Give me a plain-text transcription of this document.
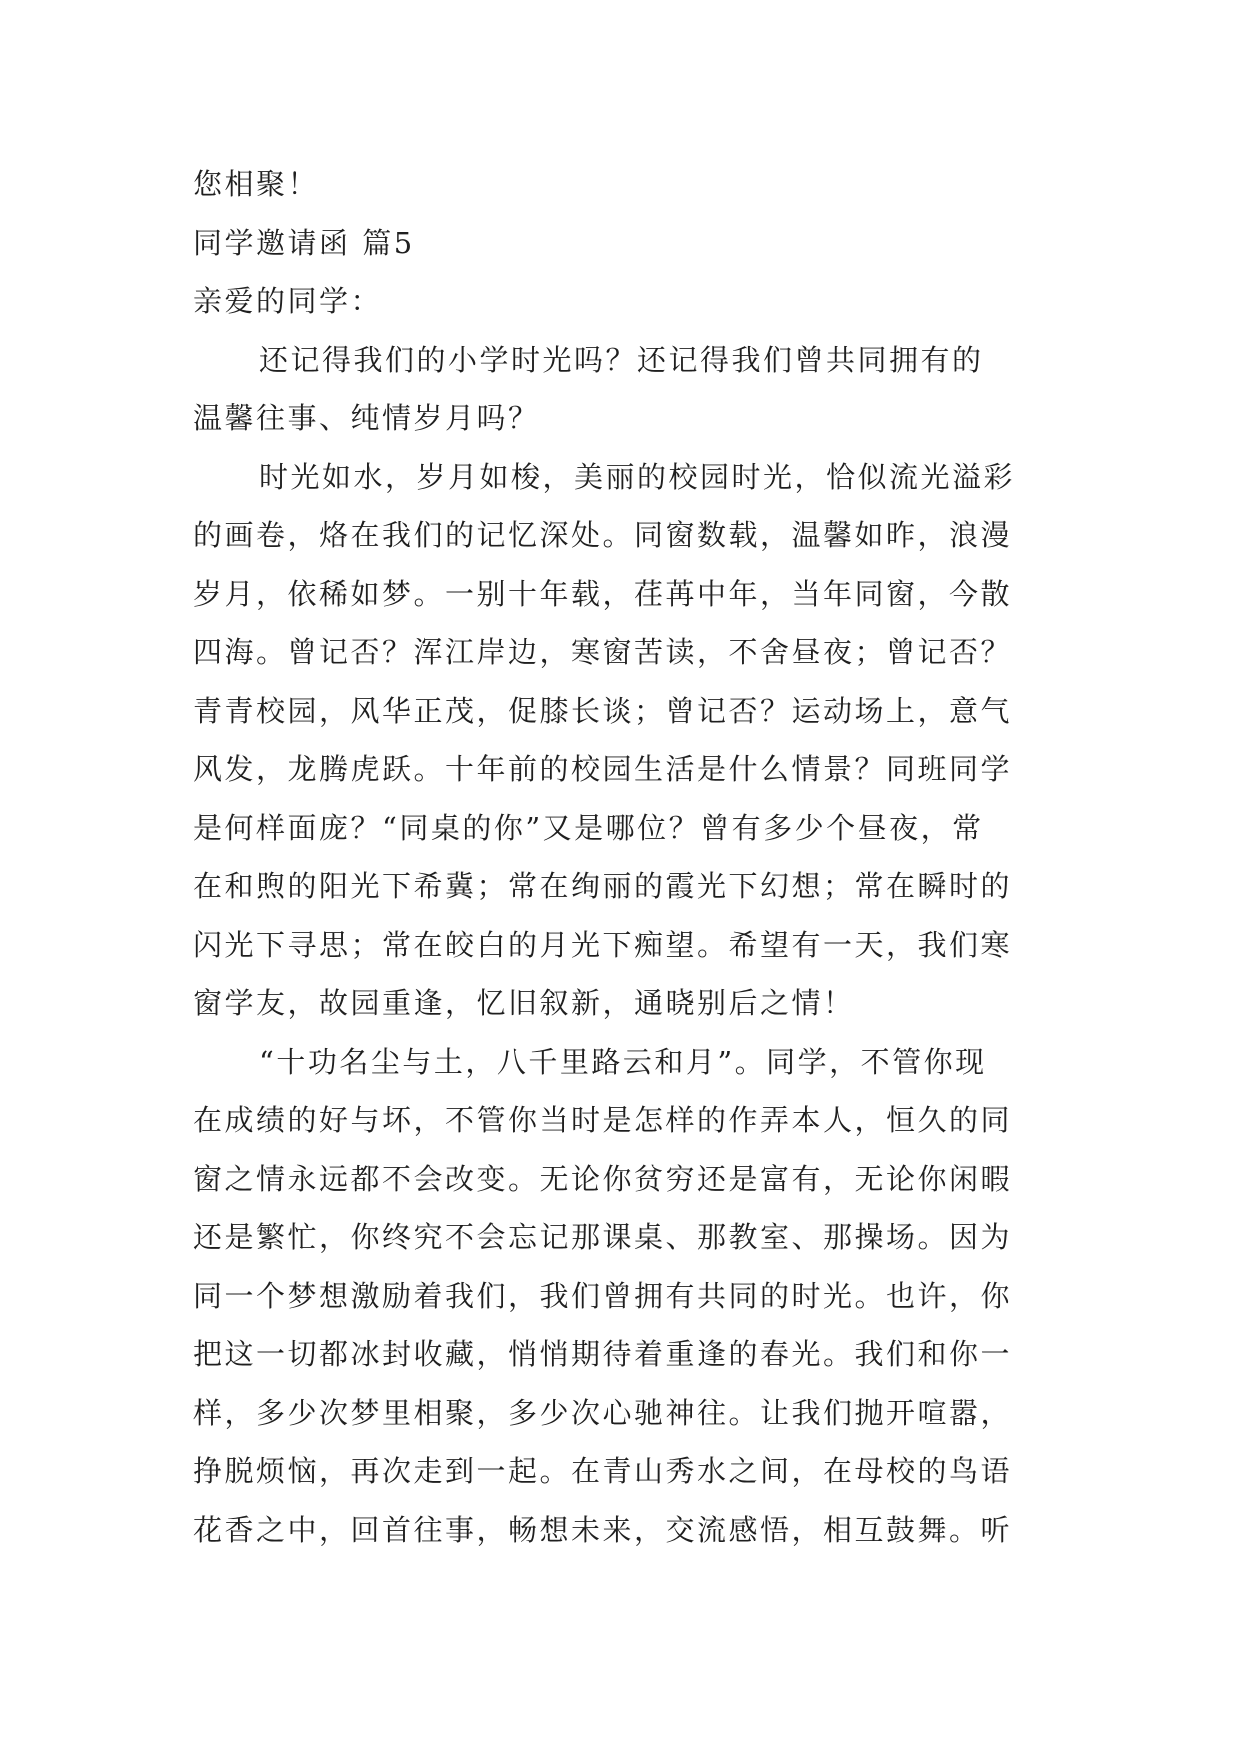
您相聚！
同学邀请函 篇5
亲爱的同学：
还记得我们的小学时光吗？还记得我们曾共同拥有的
温馨往事、纯情岁月吗？
时光如水，岁月如梭，美丽的校园时光，恰似流光溢彩
的画卷，烙在我们的记忆深处。同窗数载，温馨如昨，浪漫
岁月，依稀如梦。一别十年载，荏苒中年，当年同窗，今散
四海。曾记否？浑江岸边，寒窗苦读，不舍昼夜；曾记否？
青青校园，风华正茂，促膝长谈；曾记否？运动场上，意气
风发，龙腾虎跃。十年前的校园生活是什么情景？同班同学
是何样面庞？“同桌的你”又是哪位？曾有多少个昼夜，常
在和煦的阳光下希冀；常在绚丽的霞光下幻想；常在瞬时的
闪光下寻思；常在皎白的月光下痴望。希望有一天，我们寒
窗学友，故园重逢，忆旧叙新，通晓别后之情！
“十功名尘与土，八千里路云和月”。同学，不管你现
在成绩的好与坏，不管你当时是怎样的作弄本人，恒久的同
窗之情永远都不会改变。无论你贫穷还是富有，无论你闲暇
还是繁忙，你终究不会忘记那课桌、那教室、那操场。因为
同一个梦想激励着我们，我们曾拥有共同的时光。也许，你
把这一切都冰封收藏，悄悄期待着重逢的春光。我们和你一
样，多少次梦里相聚，多少次心驰神往。让我们抛开喧嚣，
挣脱烦恼，再次走到一起。在青山秀水之间，在母校的鸟语
花香之中，回首往事，畅想未来，交流感悟，相互鼓舞。听
